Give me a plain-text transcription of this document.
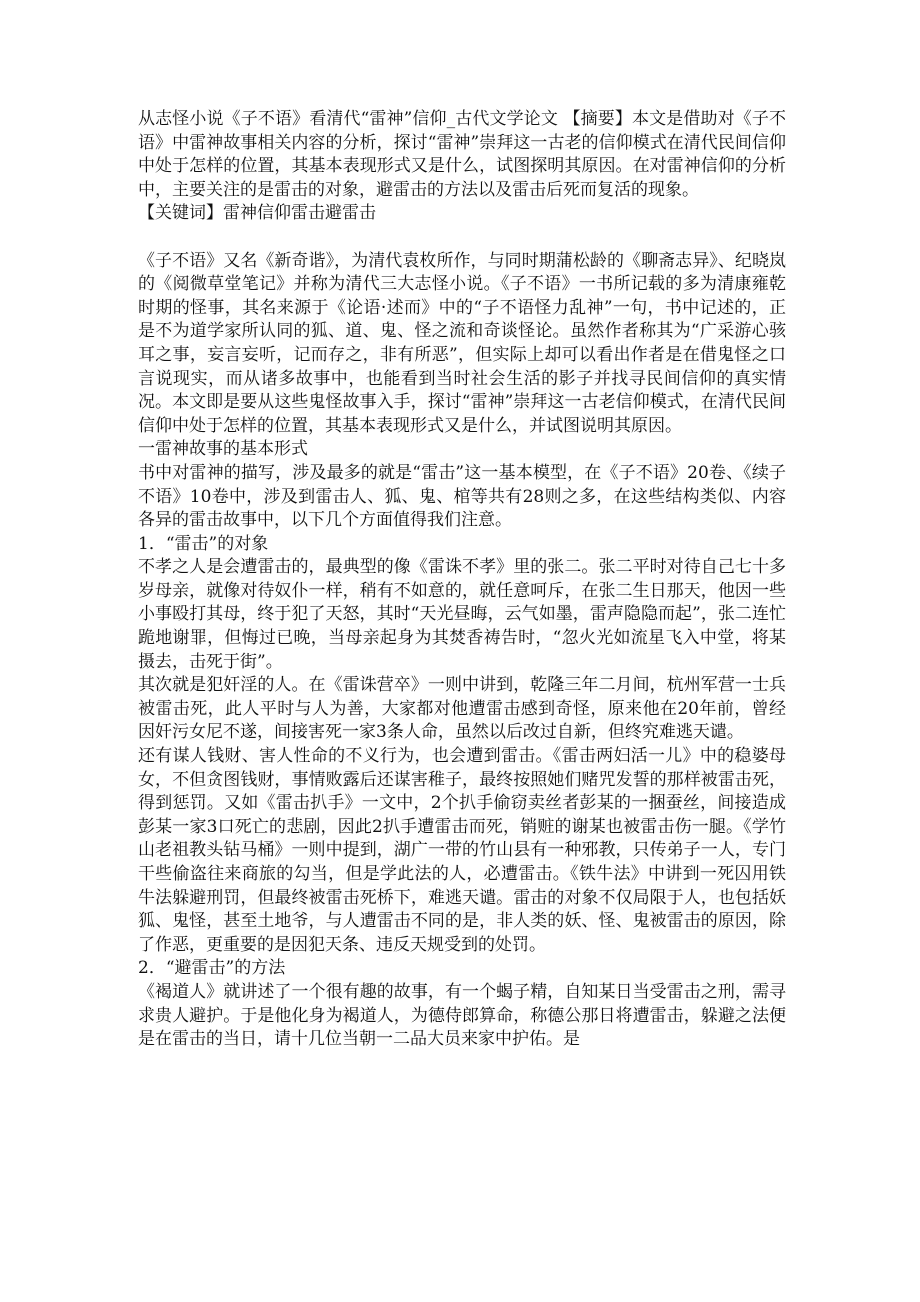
从志怪小说《子不语》看清代“雷神”信仰_古代文学论文 【摘要】本文是借助对《子不语》中雷神故事相关内容的分析，探讨“雷神”崇拜这一古老的信仰模式在清代民间信仰中处于怎样的位置，其基本表现形式又是什么，试图探明其原因。在对雷神信仰的分析中，主要关注的是雷击的对象，避雷击的方法以及雷击后死而复活的现象。

【关键词】雷神信仰雷击避雷击

《子不语》又名《新奇谐》，为清代袁枚所作，与同时期蒲松龄的《聊斋志异》、纪晓岚的《阅微草堂笔记》并称为清代三大志怪小说。《子不语》一书所记载的多为清康雍乾时期的怪事，其名来源于《论语·述而》中的“子不语怪力乱神”一句，书中记述的，正是不为道学家所认同的狐、道、鬼、怪之流和奇谈怪论。虽然作者称其为“广采游心骇耳之事，妄言妄听，记而存之，非有所恶”，但实际上却可以看出作者是在借鬼怪之口言说现实，而从诸多故事中，也能看到当时社会生活的影子并找寻民间信仰的真实情况。本文即是要从这些鬼怪故事入手，探讨“雷神”崇拜这一古老信仰模式，在清代民间信仰中处于怎样的位置，其基本表现形式又是什么，并试图说明其原因。

一雷神故事的基本形式

书中对雷神的描写，涉及最多的就是“雷击”这一基本模型，在《子不语》20卷、《续子不语》10卷中，涉及到雷击人、狐、鬼、棺等共有28则之多，在这些结构类似、内容各异的雷击故事中，以下几个方面值得我们注意。

1．“雷击”的对象

不孝之人是会遭雷击的，最典型的像《雷诛不孝》里的张二。张二平时对待自己七十多岁母亲，就像对待奴仆一样，稍有不如意的，就任意呵斥，在张二生日那天，他因一些小事殴打其母，终于犯了天怒，其时“天光昼晦，云气如墨，雷声隐隐而起”，张二连忙跪地谢罪，但悔过已晚，当母亲起身为其焚香祷告时，“忽火光如流星飞入中堂，将某摄去，击死于街”。

其次就是犯奸淫的人。在《雷诛营卒》一则中讲到，乾隆三年二月间，杭州军营一士兵被雷击死，此人平时与人为善，大家都对他遭雷击感到奇怪，原来他在20年前，曾经因奸污女尼不遂，间接害死一家3条人命，虽然以后改过自新，但终究难逃天谴。

还有谋人钱财、害人性命的不义行为，也会遭到雷击。《雷击两妇活一儿》中的稳婆母女，不但贪图钱财，事情败露后还谋害稚子，最终按照她们赌咒发誓的那样被雷击死，得到惩罚。又如《雷击扒手》一文中，2个扒手偷窃卖丝者彭某的一捆蚕丝，间接造成彭某一家3口死亡的悲剧，因此2扒手遭雷击而死，销赃的谢某也被雷击伤一腿。《学竹山老祖教头钻马桶》一则中提到，湖广一带的竹山县有一种邪教，只传弟子一人，专门干些偷盗往来商旅的勾当，但是学此法的人，必遭雷击。《铁牛法》中讲到一死囚用铁牛法躲避刑罚，但最终被雷击死桥下，难逃天谴。雷击的对象不仅局限于人，也包括妖狐、鬼怪，甚至土地爷，与人遭雷击不同的是，非人类的妖、怪、鬼被雷击的原因，除了作恶，更重要的是因犯天条、违反天规受到的处罚。

2．“避雷击”的方法

《褐道人》就讲述了一个很有趣的故事，有一个蝎子精，自知某日当受雷击之刑，需寻求贵人避护。于是他化身为褐道人，为德侍郎算命，称德公那日将遭雷击，躲避之法便是在雷击的当日，请十几位当朝一二品大员来家中护佑。是
